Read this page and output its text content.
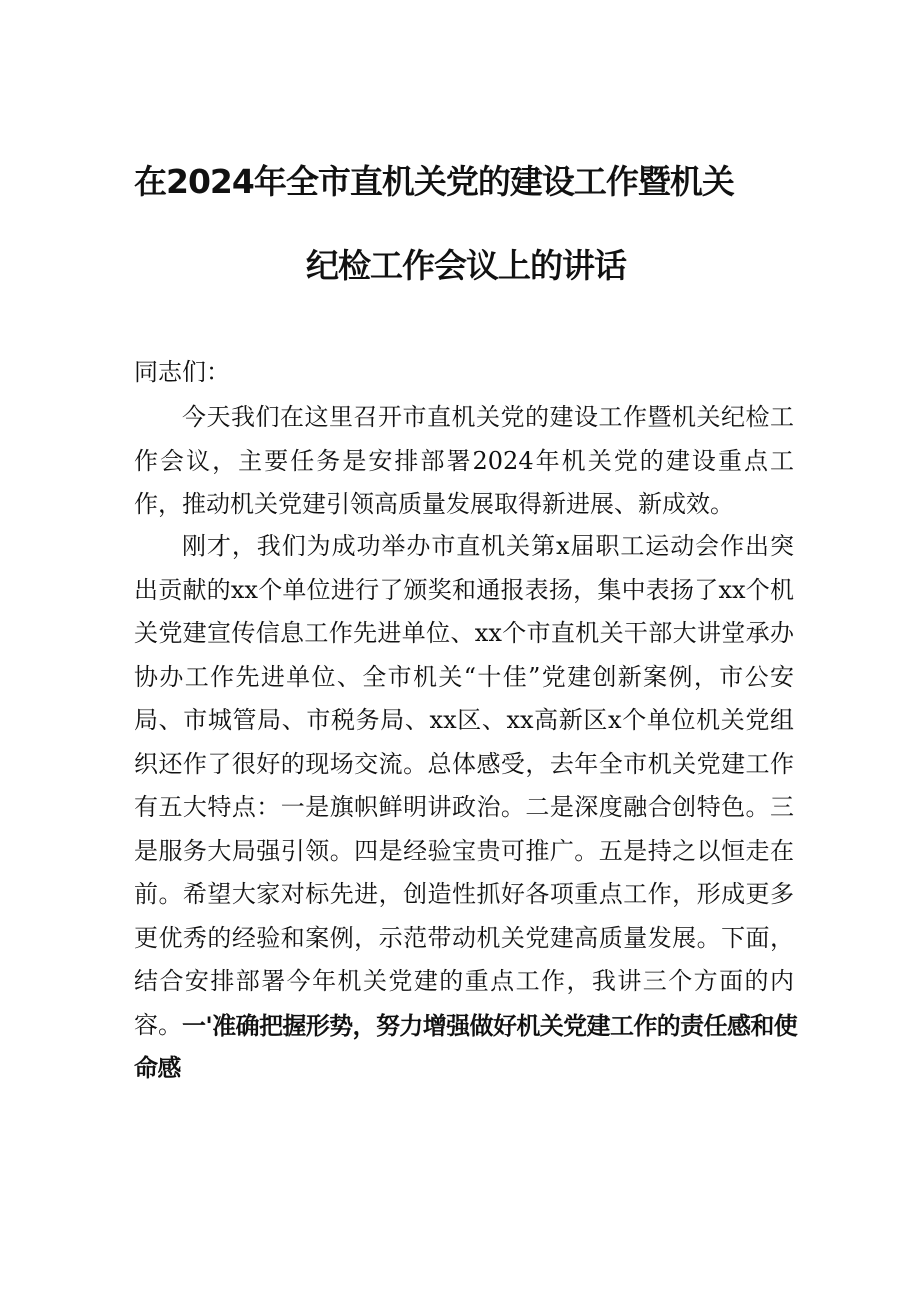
在2024年全市直机关党的建设工作暨机关
纪检工作会议上的讲话
同志们：

今天我们在这里召开市直机关党的建设工作暨机关纪检工作会议，主要任务是安排部署2024年机关党的建设重点工作，推动机关党建引领高质量发展取得新进展、新成效。

刚才，我们为成功举办市直机关第x届职工运动会作出突出贡献的xx个单位进行了颁奖和通报表扬，集中表扬了xx个机关党建宣传信息工作先进单位、xx个市直机关干部大讲堂承办协办工作先进单位、全市机关“十佳”党建创新案例，市公安局、市城管局、市税务局、xx区、xx高新区x个单位机关党组织还作了很好的现场交流。总体感受，去年全市机关党建工作有五大特点：一是旗帜鲜明讲政治。二是深度融合创特色。三是服务大局强引领。四是经验宝贵可推广。五是持之以恒走在前。希望大家对标先进，创造性抓好各项重点工作，形成更多更优秀的经验和案例，示范带动机关党建高质量发展。下面，结合安排部署今年机关党建的重点工作，我讲三个方面的内容。 一'准确把握形势，努力增强做好机关党建工作的责任感和使命感
